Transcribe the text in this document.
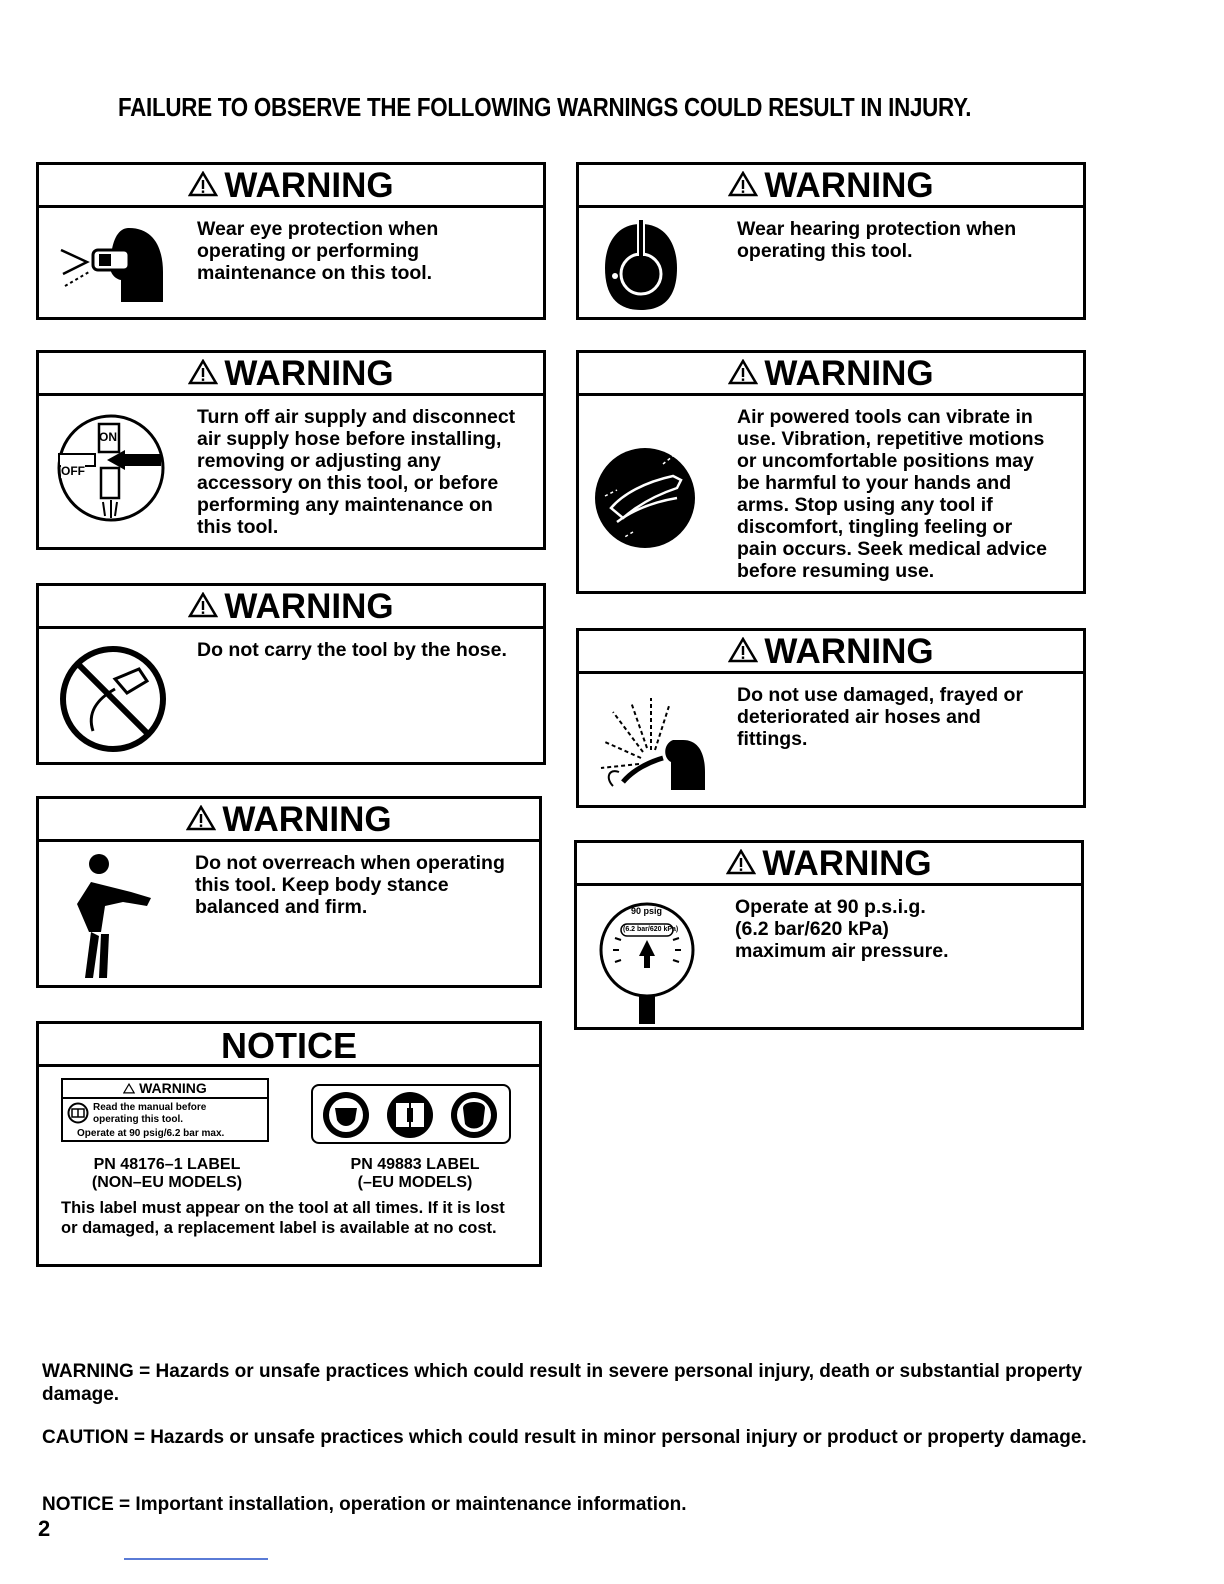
FAILURE TO OBSERVE THE FOLLOWING WARNINGS COULD RESULT IN INJURY.
WARNING
Wear eye protection when
operating or performing
maintenance on this tool.
WARNING
Wear hearing protection when
operating this tool.
WARNING
ON
OFF
Turn off air supply and disconnect
air supply hose before installing,
removing or adjusting any
accessory on this tool, or before
performing any maintenance on
this tool.
WARNING
Air powered tools can vibrate in
use. Vibration, repetitive motions
or uncomfortable positions may
be harmful to your hands and
arms. Stop using any tool if
discomfort, tingling feeling or
pain occurs. Seek medical advice
before resuming use.
WARNING
Do not carry the tool by the hose.	WARNING
Do not use damaged, frayed or
deteriorated air hoses and
fittings.
WARNING
Do not overreach when operating
this tool. Keep body stance
balanced and firm.
WARNING
90 psig
(6.2 bar/620 kPa)
Operate at 90 p.s.i.g.
(6.2 bar/620 kPa)
maximum air pressure.
NOTICE
WARNING
Read the manual before
operating this tool.
Operate at 90 psig/6.2 bar max.
PN 48176–1 LABEL
(NON–EU MODELS)
PN 49883 LABEL
(–EU MODELS)
This label must appear on the tool at all times. If it is lost or damaged, a replacement label is available at no cost.
WARNING = Hazards or unsafe practices which could result in severe personal injury, death or substantial property damage.
CAUTION = Hazards or unsafe practices which could result in minor personal injury or product or property damage.
NOTICE = Important installation, operation or maintenance information.
2
